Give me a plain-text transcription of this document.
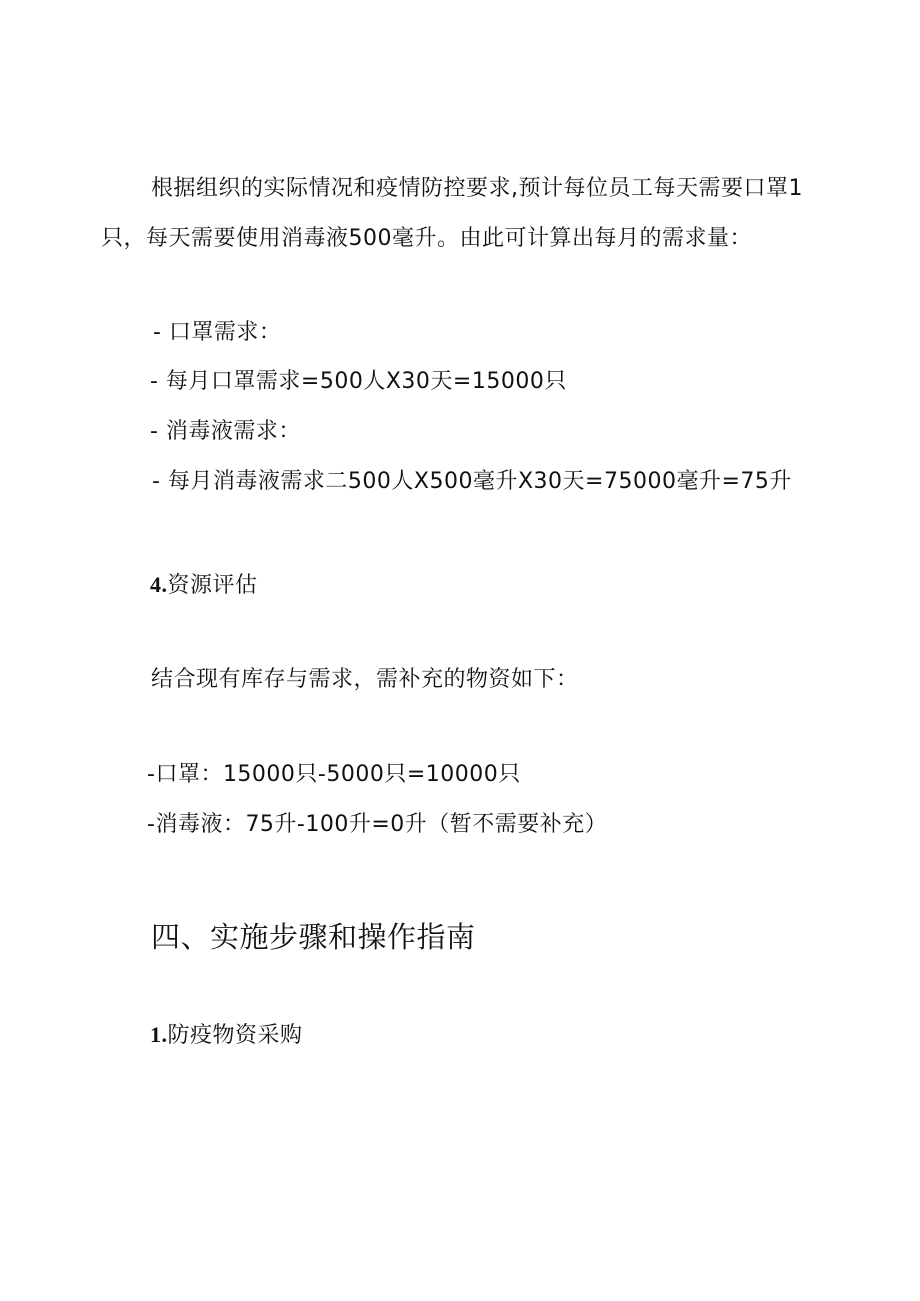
根据组织的实际情况和疫情防控要求,预计每位员工每天需要口罩1
只，每天需要使用消毒液500毫升。由此可计算出每月的需求量：
- 口罩需求：
- 每月口罩需求=500人X30天=15000只
- 消毒液需求：
- 每月消毒液需求二500人X500毫升X30天=75000毫升=75升
4.资源评估
结合现有库存与需求，需补充的物资如下：
-口罩：15000只-5000只=10000只
-消毒液：75升-100升=0升（暂不需要补充）
四、实施步骤和操作指南
1.防疫物资采购
